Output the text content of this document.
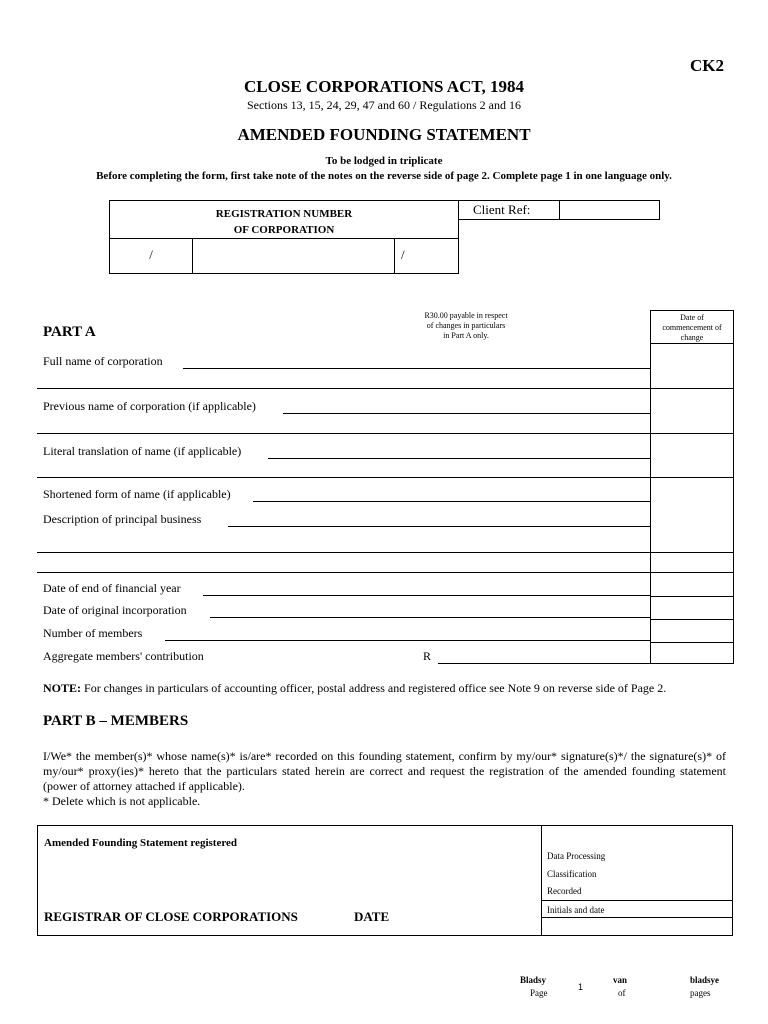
CK2
CLOSE CORPORATIONS ACT, 1984
Sections 13, 15, 24, 29, 47 and 60 / Regulations 2 and 16
AMENDED FOUNDING STATEMENT
To be lodged in triplicate
Before completing the form, first take note of the notes on the reverse side of page 2. Complete page 1 in one language only.
REGISTRATION NUMBER
OF CORPORATION
/	/
Client Ref:
PART A
R30.00 payable in respect
of changes in particulars
in Part A only.
Date of
commencement of
change
Full name of corporation
Previous name of corporation (if applicable)
Literal translation of name (if applicable)
Shortened form of name (if applicable)
Description of principal business
Date of end of financial year
Date of original incorporation
Number of members
Aggregate members' contribution	R
NOTE: For changes in particulars of accounting officer, postal address and registered office see Note 9 on reverse side of Page 2.
PART B – MEMBERS
I/We* the member(s)* whose name(s)* is/are* recorded on this founding statement, confirm by my/our* signature(s)*/ the signature(s)* of my/our* proxy(ies)* hereto that the particulars stated herein are correct and request the registration of the amended founding statement (power of attorney attached if applicable).
* Delete which is not applicable.
Amended Founding Statement registered
REGISTRAR OF CLOSE CORPORATIONS	DATE
Data Processing
Classification
Recorded
Initials and date
Bladsy
Page
1
van
of
bladsye
pages
